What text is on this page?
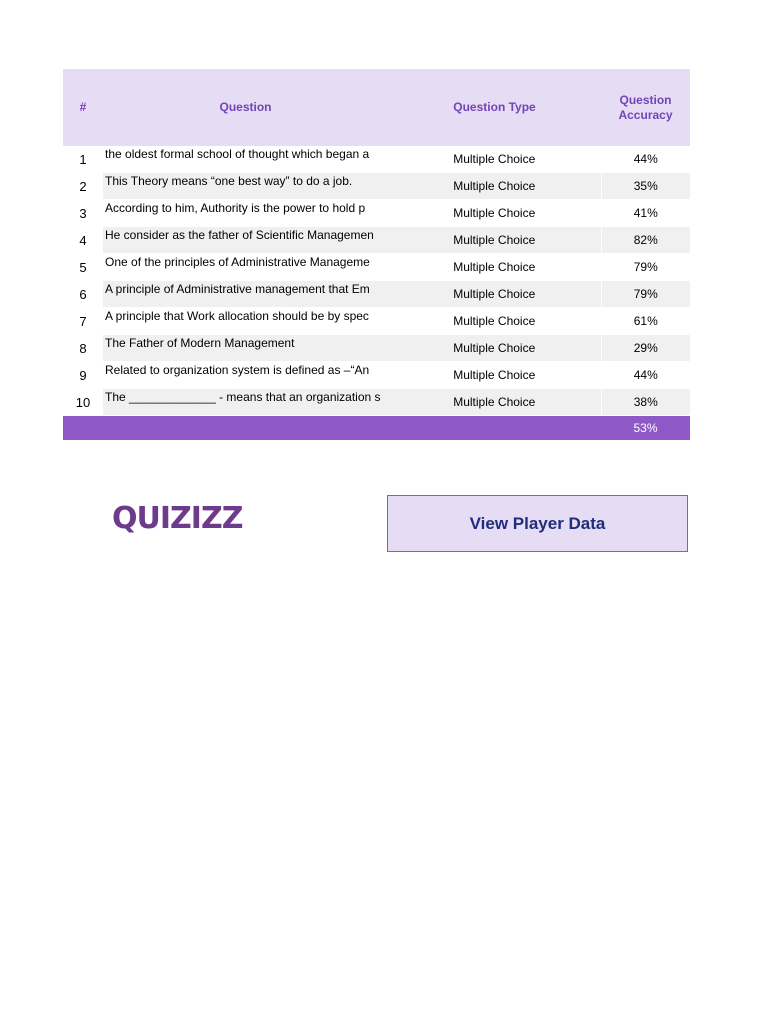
#	Question	Question Type	Question
Accuracy
1	the oldest formal school of thought which began a	Multiple Choice	44%
2	This Theory means “one best way” to do a job.	Multiple Choice	35%
3	According to him, Authority is the power to hold p	Multiple Choice	41%
4	He consider as the father of Scientific Managemen	Multiple Choice	82%
5	One of the principles of Administrative Manageme	Multiple Choice	79%
6	A principle of Administrative management that Em	Multiple Choice	79%
7	A principle that Work allocation should be by spec	Multiple Choice	61%
8	The Father of Modern Management	Multiple Choice	29%
9	Related to organization system is defined as –“An	Multiple Choice	44%
10	The _____________ - means that an organization s	Multiple Choice	38%
			53%
QUIZIZZ	View Player Data
